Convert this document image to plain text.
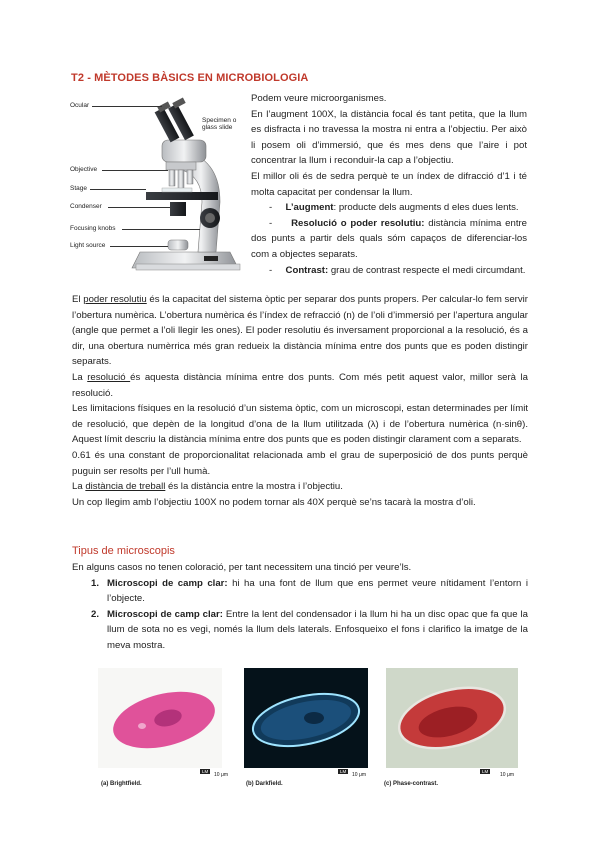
T2 - MÈTODES BÀSICS EN MICROBIOLOGIA
Ocular
Specimen o
glass slide
Objective
Stage
Condenser
Focusing knobs
Light source

Podem veure microorganismes.

En l’augment 100X, la distància focal és tant petita, que la llum es disfracta i no travessa la mostra ni entra a l’objectiu. Per això li posem oli d’immersió, que és mes dens que l’aire i pot concentrar la llum i reconduir-la cap a l’objectiu.

El millor oli és de sedra perquè te un índex de difracció d’1 i té molta capacitat per condensar la llum.

- L’augment: producte dels augments d eles dues lents.

- Resolució o poder resolutiu: distància mínima entre dos punts a partir dels quals sóm capaços de diferenciar-los com a objectes separats.

- Contrast: grau de contrast respecte el medi circumdant.

El poder resolutiu és la capacitat del sistema òptic per separar dos punts propers. Per calcular-lo fem servir l’obertura numèrica. L’obertura numèrica és l’índex de refracció (n) de l’oli d’immersió per l’apertura angular (angle que permet a l’oli llegir les ones). El poder resolutiu és inversament proporcional a la resolució, és a dir, una obertura numèrrica més gran redueix la distància mínima entre dos punts que es poden distingir separats.

La resolució és aquesta distància mínima entre dos punts. Com més petit aquest valor, millor serà la resolució.

Les limitacions físiques en la resolució d’un sistema òptic, com un microscopi, estan determinades per límit de resolució, que depèn de la longitud d’ona de la llum utilitzada (λ) i de l’obertura numèrica (n·sinθ). Aquest límit descriu la distància mínima entre dos punts que es poden distingir clarament com a separats.

0.61 és una constant de proporcionalitat relacionada amb el grau de superposició de dos punts perquè puguin ser resolts per l’ull humà.

La distància de treball és la distància entre la mostra i l’objectiu.

Un cop llegim amb l’objectiu 100X no podem tornar als 40X perquè se’ns tacarà la mostra d’oli.

Tipus de microscopis

En alguns casos no tenen coloració, per tant necessitem una tinció per veure’ls.

1. Microscopi de camp clar: hi ha una font de llum que ens permet veure nítidament l’entorn i l’objecte.

2. Microscopi de camp clar: Entre la lent del condensador i la llum hi ha un disc opac que fa que la llum de sota no es vegi, només la llum dels laterals. Enfosqueixo el fons i clarifico la imatge de la meva mostra.

LM
10 μm
LM
10 μm
LM
10 μm
(a) Brightfield.	(b) Darkfield.	(c) Phase-contrast.
